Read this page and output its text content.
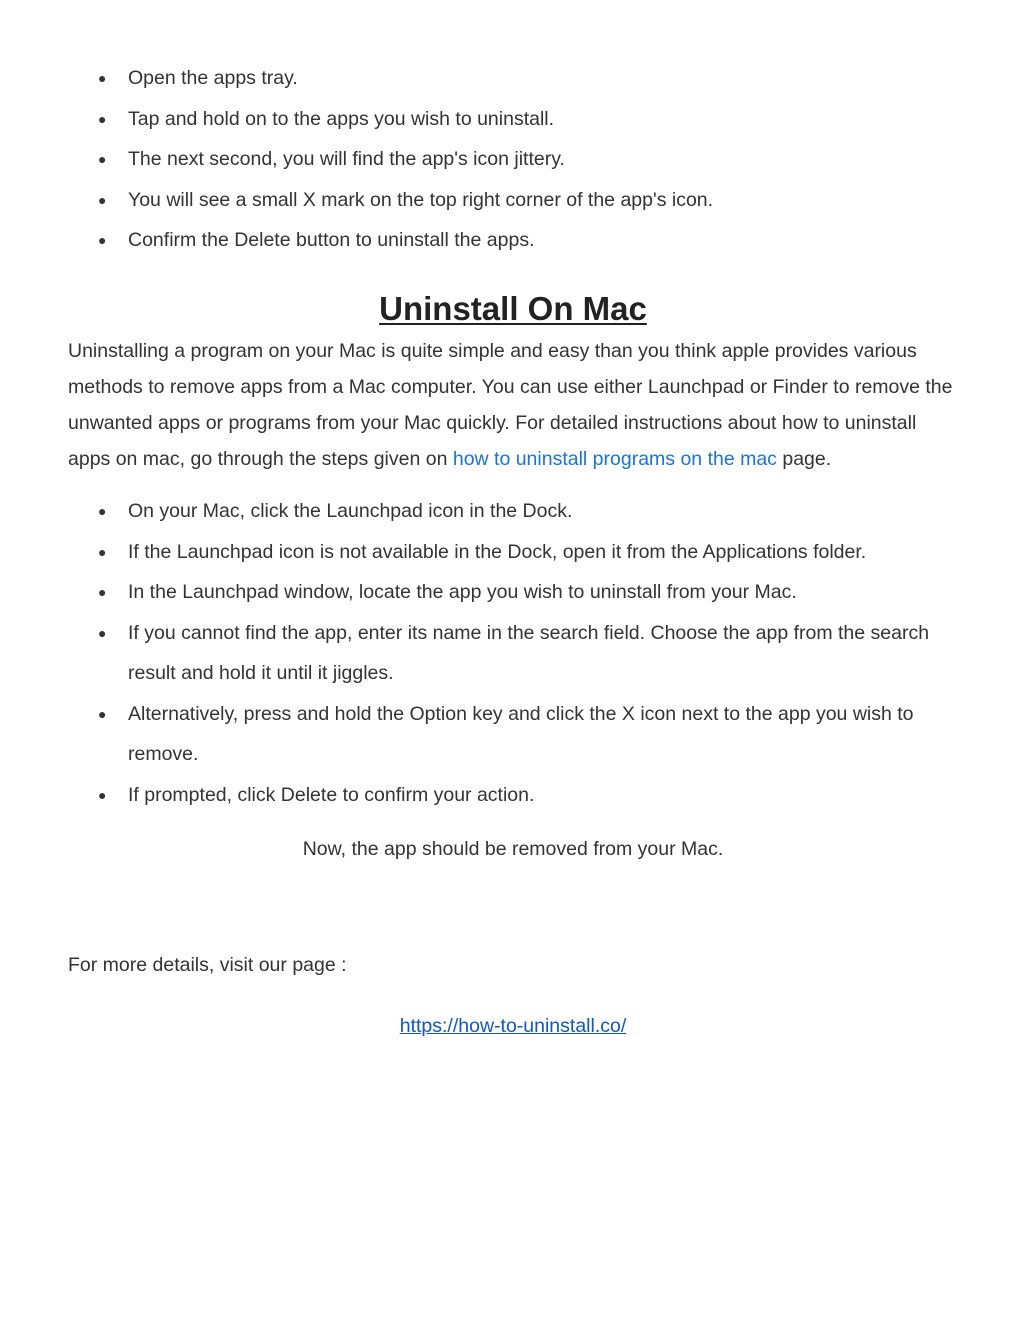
● Open the apps tray.
● Tap and hold on to the apps you wish to uninstall.
● The next second, you will find the app's icon jittery.
● You will see a small X mark on the top right corner of the app's icon.
● Confirm the Delete button to uninstall the apps.
Uninstall On Mac

Uninstalling a program on your Mac is quite simple and easy than you think apple provides various methods to remove apps from a Mac computer. You can use either Launchpad or Finder to remove the unwanted apps or programs from your Mac quickly. For detailed instructions about how to uninstall apps on mac, go through the steps given on how to uninstall programs on the mac page.

● On your Mac, click the Launchpad icon in the Dock.
● If the Launchpad icon is not available in the Dock, open it from the Applications folder.
● In the Launchpad window, locate the app you wish to uninstall from your Mac.
● If you cannot find the app, enter its name in the search field. Choose the app from the search result and hold it until it jiggles.
● Alternatively, press and hold the Option key and click the X icon next to the app you wish to remove.
● If prompted, click Delete to confirm your action.
Now, the app should be removed from your Mac.
For more details, visit our page :
https://how-to-uninstall.co/
